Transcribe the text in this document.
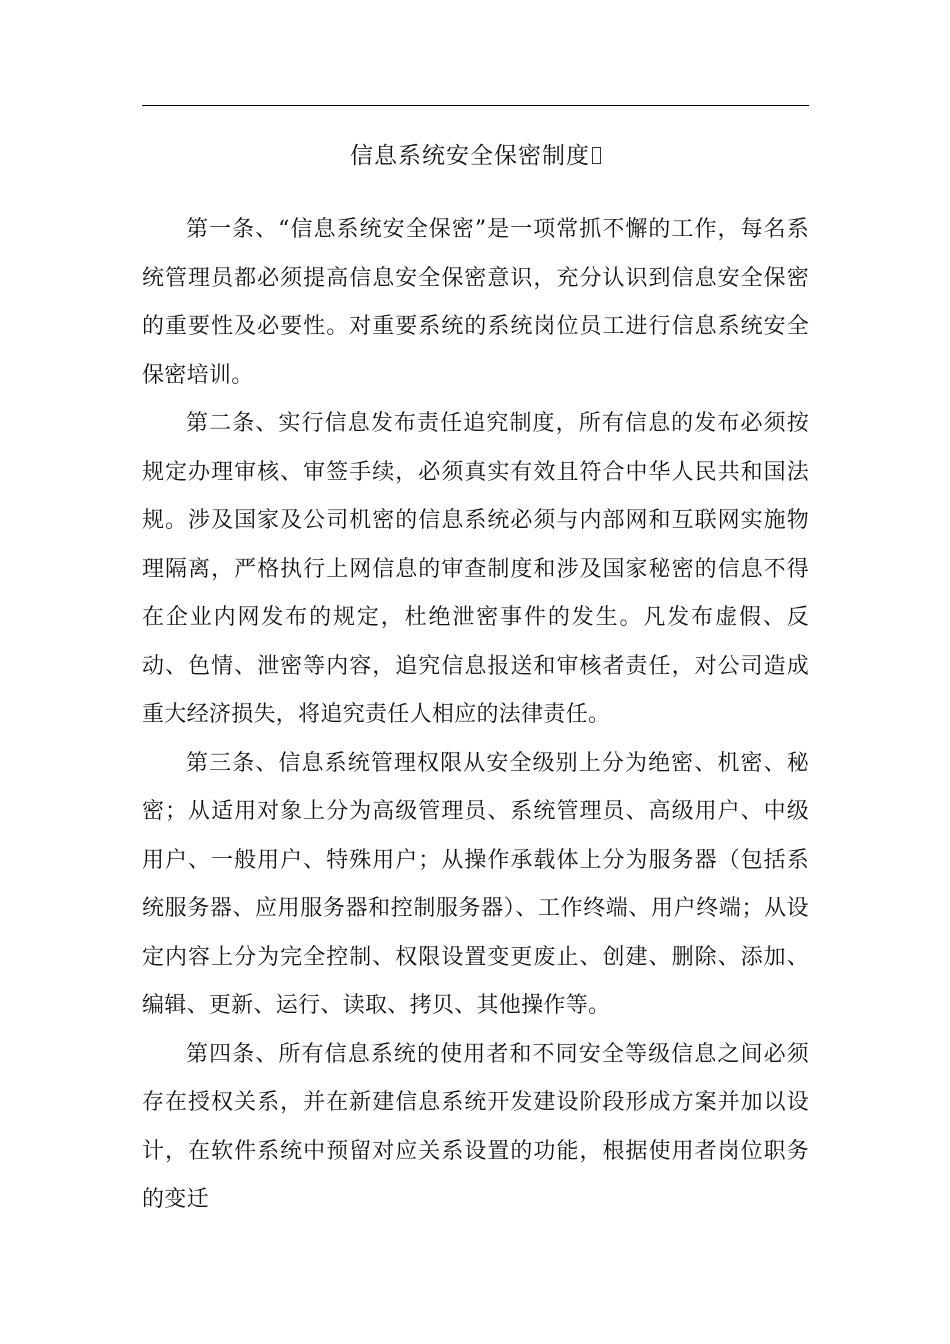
信息系统安全保密制度

第一条、“信息系统安全保密”是一项常抓不懈的工作，每名系统管理员都必须提高信息安全保密意识，充分认识到信息安全保密的重要性及必要性。对重要系统的系统岗位员工进行信息系统安全保密培训。

第二条、实行信息发布责任追究制度，所有信息的发布必须按规定办理审核、审签手续，必须真实有效且符合中华人民共和国法规。涉及国家及公司机密的信息系统必须与内部网和互联网实施物理隔离，严格执行上网信息的审查制度和涉及国家秘密的信息不得在企业内网发布的规定，杜绝泄密事件的发生。凡发布虚假、反动、色情、泄密等内容，追究信息报送和审核者责任，对公司造成重大经济损失，将追究责任人相应的法律责任。

第三条、信息系统管理权限从安全级别上分为绝密、机密、秘密；从适用对象上分为高级管理员、系统管理员、高级用户、中级用户、一般用户、特殊用户；从操作承载体上分为服务器（包括系统服务器、应用服务器和控制服务器）、工作终端、用户终端；从设定内容上分为完全控制、权限设置变更废止、创建、删除、添加、编辑、更新、运行、读取、拷贝、其他操作等。

第四条、所有信息系统的使用者和不同安全等级信息之间必须存在授权关系，并在新建信息系统开发建设阶段形成方案并加以设计，在软件系统中预留对应关系设置的功能，根据使用者岗位职务的变迁
